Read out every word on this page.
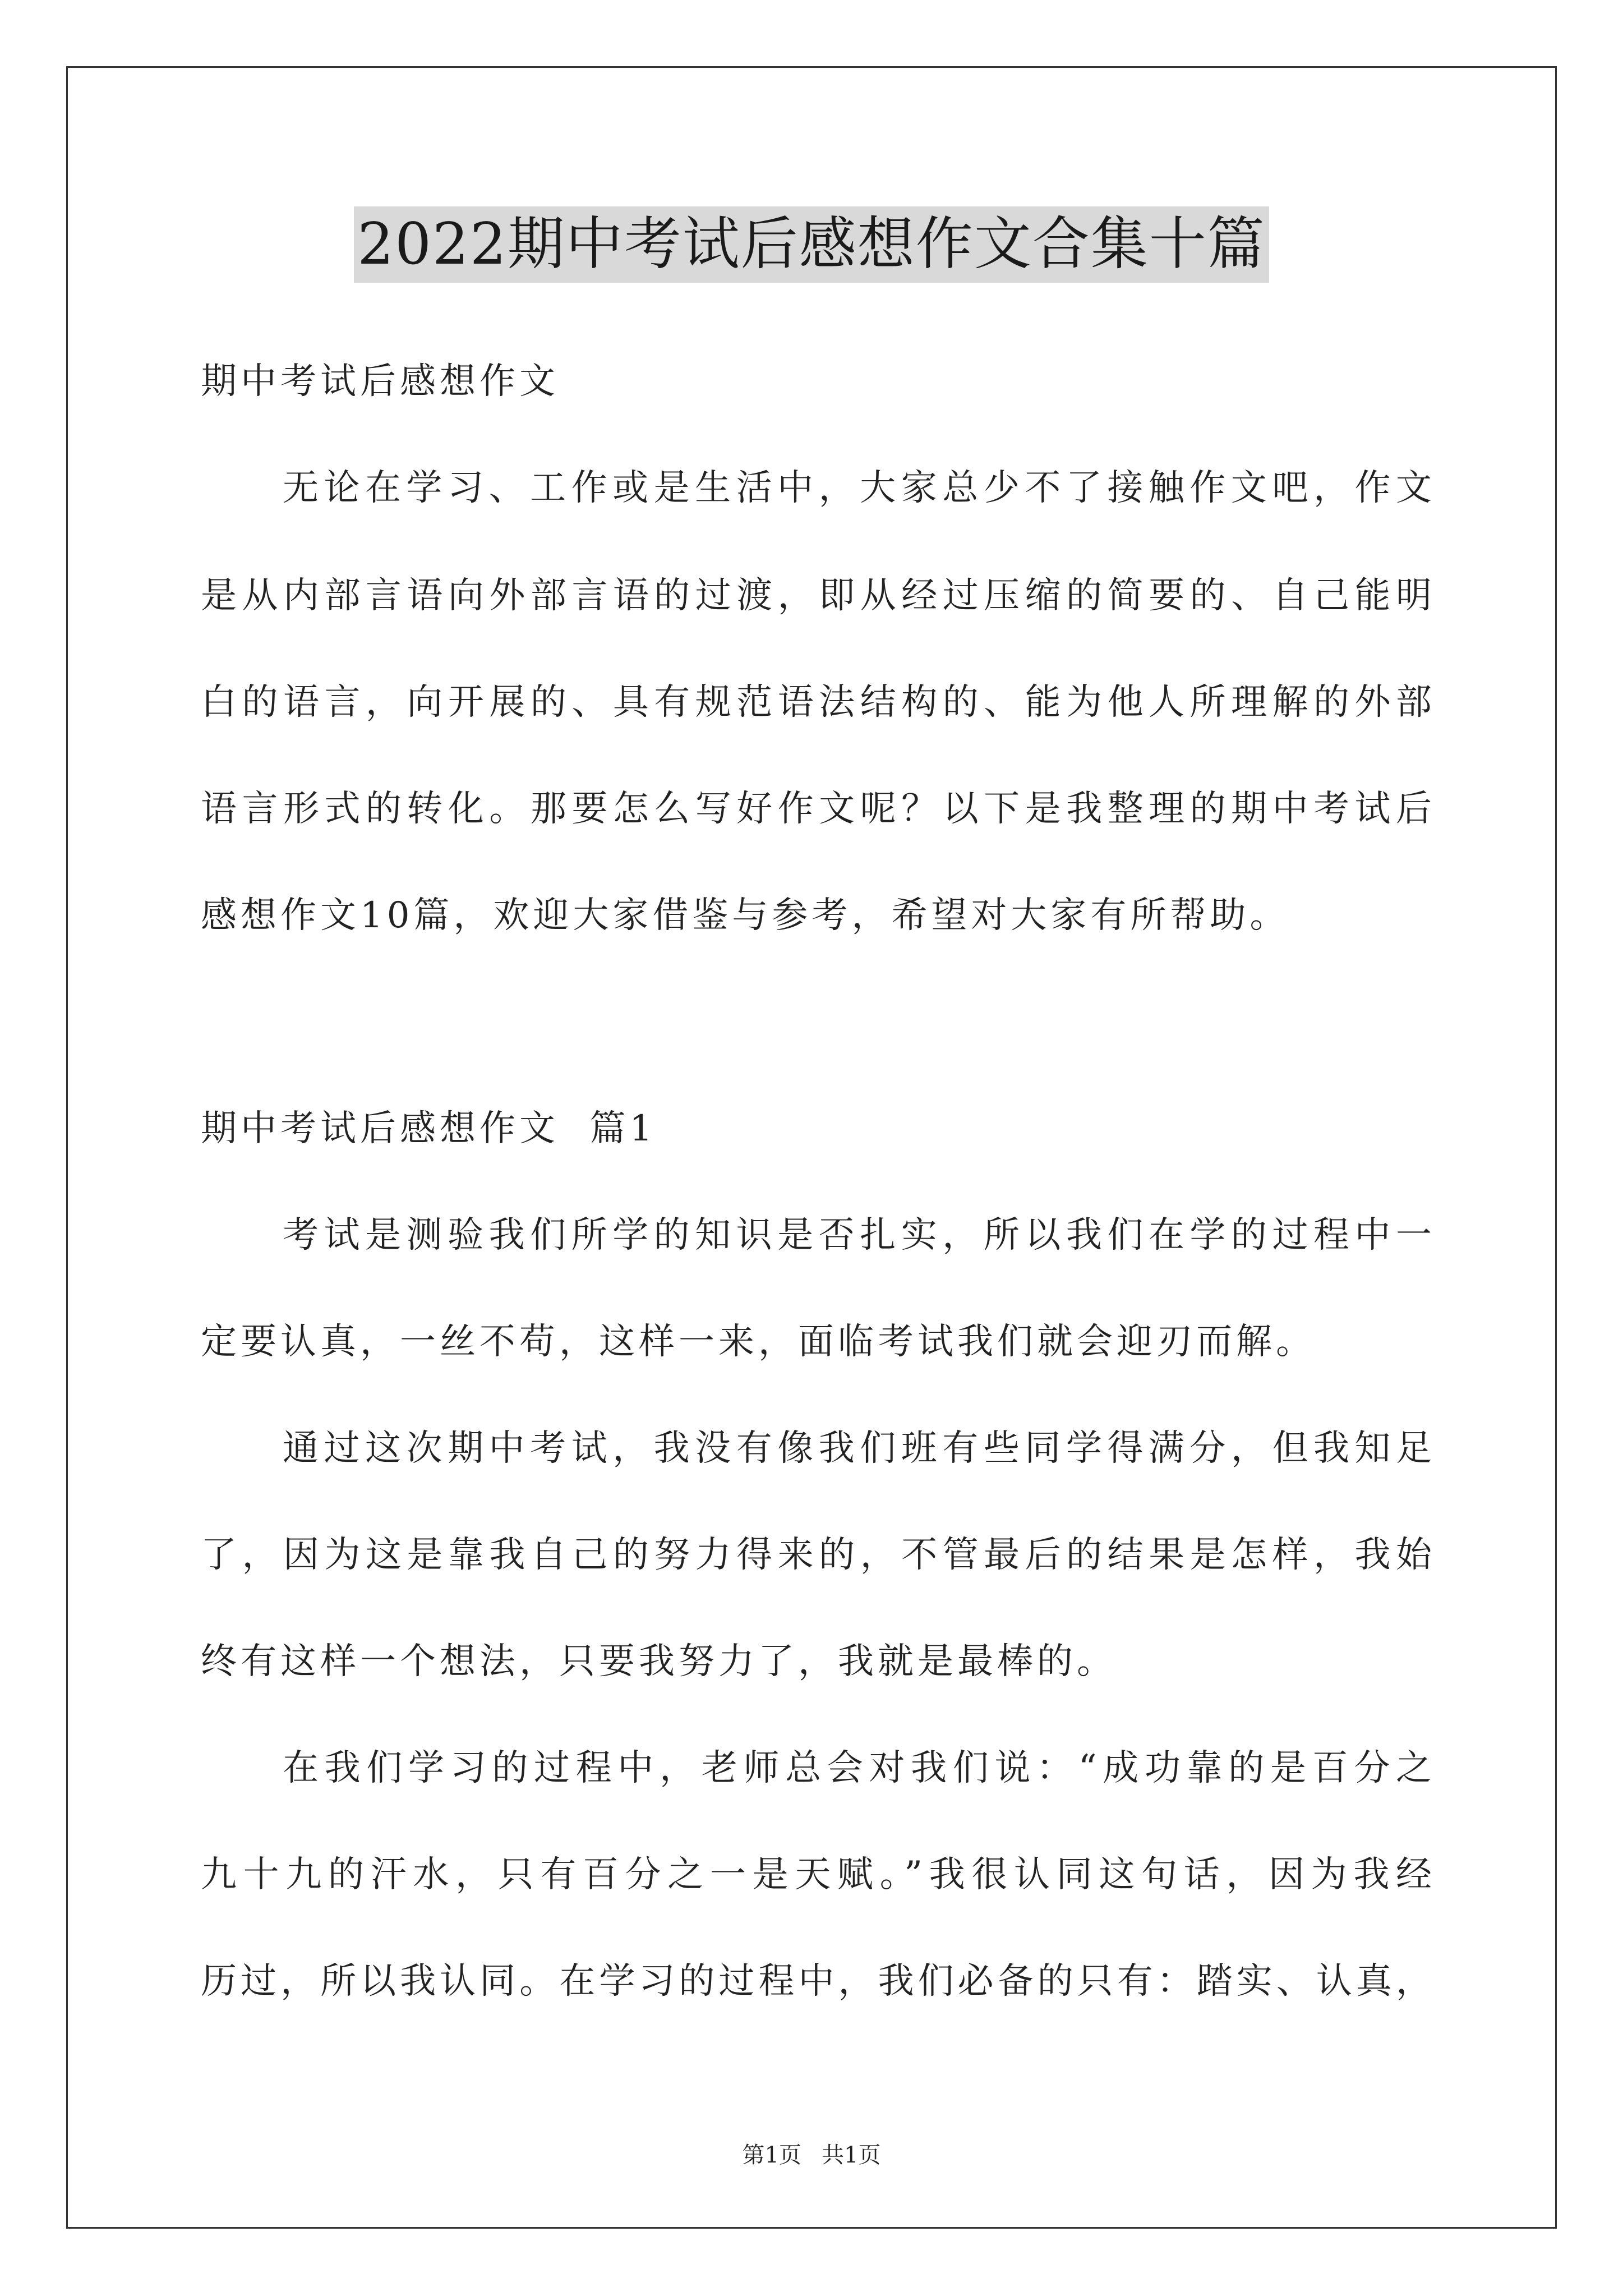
2022期中考试后感想作文合集十篇

期中考试后感想作文

无论在学习、工作或是生活中，大家总少不了接触作文吧，作文

是从内部言语向外部言语的过渡，即从经过压缩的简要的、自己能明

白的语言，向开展的、具有规范语法结构的、能为他人所理解的外部

语言形式的转化。那要怎么写好作文呢？以下是我整理的期中考试后

感想作文10篇，欢迎大家借鉴与参考，希望对大家有所帮助。

期中考试后感想作文  篇1

考试是测验我们所学的知识是否扎实，所以我们在学的过程中一

定要认真，一丝不苟，这样一来，面临考试我们就会迎刃而解。

通过这次期中考试，我没有像我们班有些同学得满分，但我知足

了，因为这是靠我自己的努力得来的，不管最后的结果是怎样，我始

终有这样一个想法，只要我努力了，我就是最棒的。

在我们学习的过程中，老师总会对我们说：“成功靠的是百分之

九十九的汗水，只有百分之一是天赋。”我很认同这句话，因为我经

历过，所以我认同。在学习的过程中，我们必备的只有：踏实、认真，

第1页 共1页
